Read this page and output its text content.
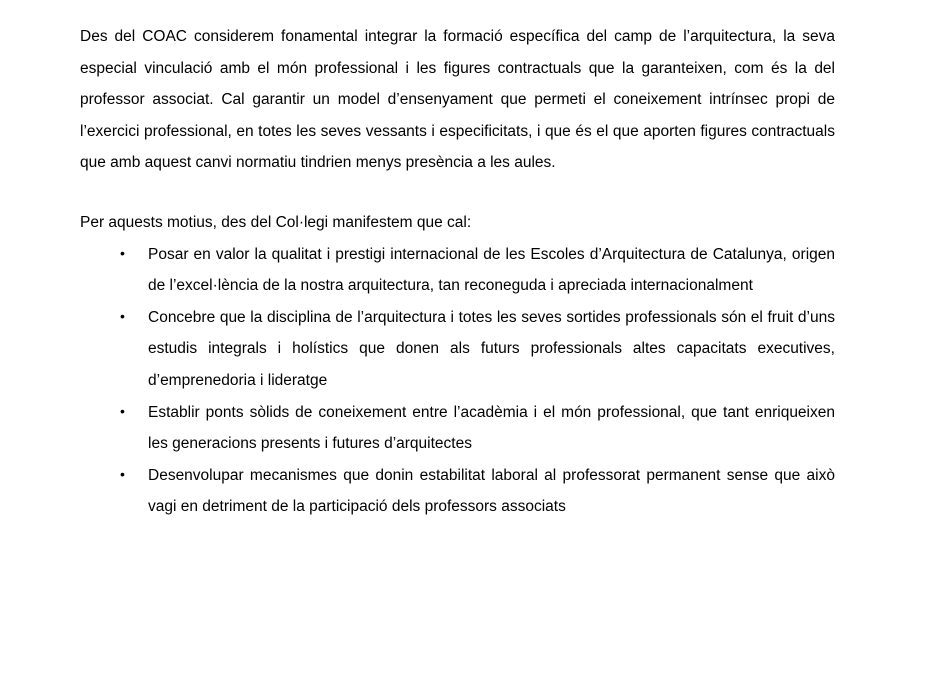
Des del COAC considerem fonamental integrar la formació específica del camp de l’arquitectura, la seva especial vinculació amb el món professional i les figures contractuals que la garanteixen, com és la del professor associat. Cal garantir un model d’ensenyament que permeti el coneixement intrínsec propi de l’exercici professional, en totes les seves vessants i especificitats, i que és el que aporten figures contractuals que amb aquest canvi normatiu tindrien menys presència a les aules.

Per aquests motius, des del Col·legi manifestem que cal:

• Posar en valor la qualitat i prestigi internacional de les Escoles d’Arquitectura de Catalunya, origen de l’excel·lència de la nostra arquitectura, tan reconeguda i apreciada internacionalment
• Concebre que la disciplina de l’arquitectura i totes les seves sortides professionals són el fruit d’uns estudis integrals i holístics que donen als futurs professionals altes capacitats executives, d’emprenedoria i lideratge
• Establir ponts sòlids de coneixement entre l’acadèmia i el món professional, que tant enriqueixen les generacions presents i futures d’arquitectes
• Desenvolupar mecanismes que donin estabilitat laboral al professorat permanent sense que això vagi en detriment de la participació dels professors associats
